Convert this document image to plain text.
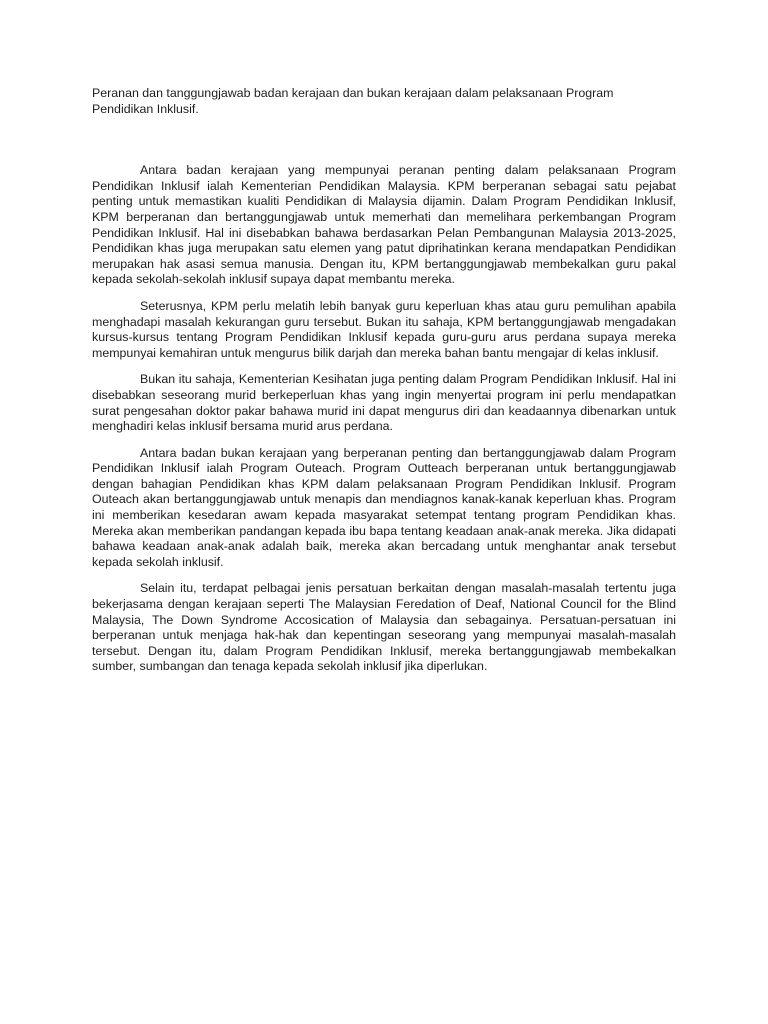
Peranan dan tanggungjawab badan kerajaan dan bukan kerajaan dalam pelaksanaan Program Pendidikan Inklusif.

Antara badan kerajaan yang mempunyai peranan penting dalam pelaksanaan Program Pendidikan Inklusif ialah Kementerian Pendidikan Malaysia. KPM berperanan sebagai satu pejabat penting untuk memastikan kualiti Pendidikan di Malaysia dijamin. Dalam Program Pendidikan Inklusif, KPM berperanan dan bertanggungjawab untuk memerhati dan memelihara perkembangan Program Pendidikan Inklusif. Hal ini disebabkan bahawa berdasarkan Pelan Pembangunan Malaysia 2013-2025, Pendidikan khas juga merupakan satu elemen yang patut diprihatinkan kerana mendapatkan Pendidikan merupakan hak asasi semua manusia. Dengan itu, KPM bertanggungjawab membekalkan guru pakal kepada sekolah-sekolah inklusif supaya dapat membantu mereka.

Seterusnya, KPM perlu melatih lebih banyak guru keperluan khas atau guru pemulihan apabila menghadapi masalah kekurangan guru tersebut. Bukan itu sahaja, KPM bertanggungjawab mengadakan kursus-kursus tentang Program Pendidikan Inklusif kepada guru-guru arus perdana supaya mereka mempunyai kemahiran untuk mengurus bilik darjah dan mereka bahan bantu mengajar di kelas inklusif.

Bukan itu sahaja, Kementerian Kesihatan juga penting dalam Program Pendidikan Inklusif. Hal ini disebabkan seseorang murid berkeperluan khas yang ingin menyertai program ini perlu mendapatkan surat pengesahan doktor pakar bahawa murid ini dapat mengurus diri dan keadaannya dibenarkan untuk menghadiri kelas inklusif bersama murid arus perdana.

Antara badan bukan kerajaan yang berperanan penting dan bertanggungjawab dalam Program Pendidikan Inklusif ialah Program Outeach. Program Outteach berperanan untuk bertanggungjawab dengan bahagian Pendidikan khas KPM dalam pelaksanaan Program Pendidikan Inklusif. Program Outeach akan bertanggungjawab untuk menapis dan mendiagnos kanak-kanak keperluan khas. Program ini memberikan kesedaran awam kepada masyarakat setempat tentang program Pendidikan khas. Mereka akan memberikan pandangan kepada ibu bapa tentang keadaan anak-anak mereka. Jika didapati bahawa keadaan anak-anak adalah baik, mereka akan bercadang untuk menghantar anak tersebut kepada sekolah inklusif.

Selain itu, terdapat pelbagai jenis persatuan berkaitan dengan masalah-masalah tertentu juga bekerjasama dengan kerajaan seperti The Malaysian Feredation of Deaf, National Council for the Blind Malaysia, The Down Syndrome Accosication of Malaysia dan sebagainya. Persatuan-persatuan ini berperanan untuk menjaga hak-hak dan kepentingan seseorang yang mempunyai masalah-masalah tersebut. Dengan itu, dalam Program Pendidikan Inklusif, mereka bertanggungjawab membekalkan sumber, sumbangan dan tenaga kepada sekolah inklusif jika diperlukan.
